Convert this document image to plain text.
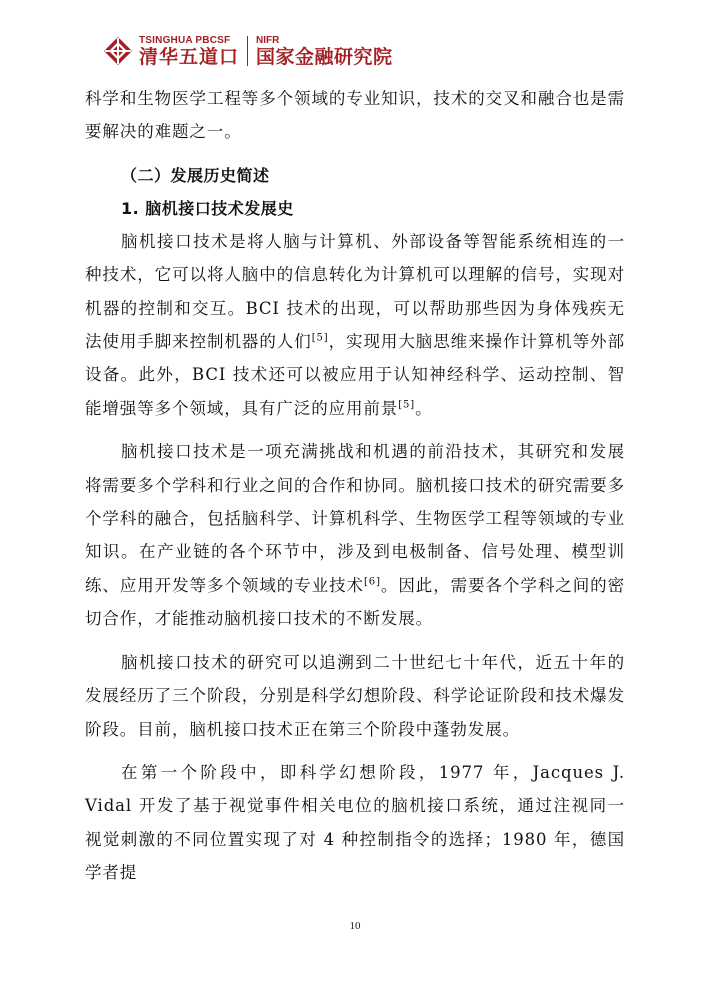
TSINGHUA PBCSF
清华五道口
NIFR
国家金融研究院

科学和生物医学工程等多个领域的专业知识，技术的交叉和融合也是需要解决的难题之一。

（二）发展历史简述
1. 脑机接口技术发展史

脑机接口技术是将人脑与计算机、外部设备等智能系统相连的一种技术，它可以将人脑中的信息转化为计算机可以理解的信号，实现对机器的控制和交互。BCI 技术的出现，可以帮助那些因为身体残疾无法使用手脚来控制机器的人们[5]，实现用大脑思维来操作计算机等外部设备。此外，BCI 技术还可以被应用于认知神经科学、运动控制、智能增强等多个领域，具有广泛的应用前景[5]。

脑机接口技术是一项充满挑战和机遇的前沿技术，其研究和发展将需要多个学科和行业之间的合作和协同。脑机接口技术的研究需要多个学科的融合，包括脑科学、计算机科学、生物医学工程等领域的专业知识。在产业链的各个环节中，涉及到电极制备、信号处理、模型训练、应用开发等多个领域的专业技术[6]。因此，需要各个学科之间的密切合作，才能推动脑机接口技术的不断发展。

脑机接口技术的研究可以追溯到二十世纪七十年代，近五十年的发展经历了三个阶段，分别是科学幻想阶段、科学论证阶段和技术爆发阶段。目前，脑机接口技术正在第三个阶段中蓬勃发展。

在第一个阶段中，即科学幻想阶段，1977 年，Jacques J. Vidal 开发了基于视觉事件相关电位的脑机接口系统，通过注视同一视觉刺激的不同位置实现了对 4 种控制指令的选择；1980 年，德国学者提

10
